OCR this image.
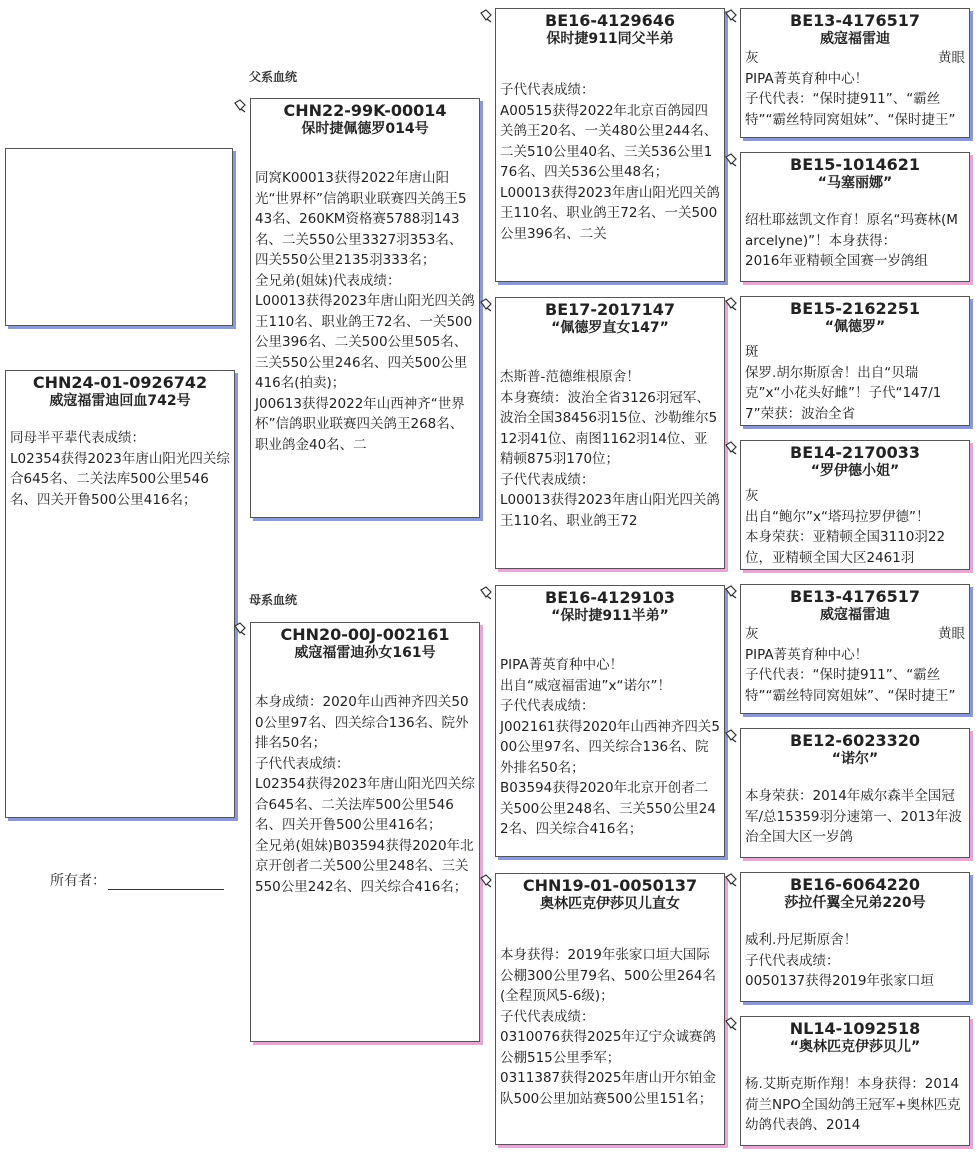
父系血统
母系血统
CHN24-01-0926742
威寇福雷迪回血742号
同母半平辈代表成绩：
L02354获得2023年唐山阳光四关综合645名、二关法库500公里546名、四关开鲁500公里416名；
CHN22-99K-00014
保时捷佩德罗014号
同窝K00013获得2022年唐山阳光“世界杯”信鸽职业联赛四关鸽王543名、260KM资格赛5788羽143名、二关550公里3327羽353名、四关550公里2135羽333名；
全兄弟(姐妹)代表成绩：
L00013获得2023年唐山阳光四关鸽王110名、职业鸽王72名、一关500公里396名、二关500公里505名、三关550公里246名、四关500公里416名(拍卖)；
J00613获得2022年山西神齐“世界杯”信鸽职业联赛四关鸽王268名、职业鸽金40名、二
CHN20-00J-002161
威寇福雷迪孙女161号
本身成绩：2020年山西神齐四关500公里97名、四关综合136名、院外排名50名；
子代代表成绩：
L02354获得2023年唐山阳光四关综合645名、二关法库500公里546名、四关开鲁500公里416名；
全兄弟(姐妹)B03594获得2020年北京开创者二关500公里248名、三关550公里242名、四关综合416名；
BE16-4129646
保时捷911同父半弟
子代代表成绩：
A00515获得2022年北京百鸽园四关鸽王20名、一关480公里244名、二关510公里40名、三关536公里176名、四关536公里48名；
L00013获得2023年唐山阳光四关鸽王110名、职业鸽王72名、一关500公里396名、二关
BE17-2017147
“佩德罗直女147”
杰斯普-范德维根原舍！
本身赛绩：波治全省3126羽冠军、波治全国38456羽15位、沙勒维尔512羽41位、南图1162羽14位、亚精顿875羽170位；
子代代表成绩：
L00013获得2023年唐山阳光四关鸽王110名、职业鸽王72
BE16-4129103
“保时捷911半弟”
PIPA菁英育种中心！
出自“威寇福雷迪”x“诺尔”！
子代代表成绩：
J002161获得2020年山西神齐四关500公里97名、四关综合136名、院外排名50名；
B03594获得2020年北京开创者二关500公里248名、三关550公里242名、四关综合416名；
CHN19-01-0050137
奥林匹克伊莎贝儿直女
本身获得：2019年张家口垣大国际公棚300公里79名、500公里264名(全程顶风5-6级)；
子代代表成绩：
0310076获得2025年辽宁众诚赛鸽公棚515公里季军；
0311387获得2025年唐山开尔铂金队500公里加站赛500公里151名；
BE13-4176517
威寇福雷迪
灰	黄眼
PIPA菁英育种中心！
子代代表：“保时捷911”、“霸丝特”“霸丝特同窝姐妹”、“保时捷王”
BE15-1014621
“马塞丽娜”
绍杜耶兹凯文作育！原名“玛赛林(Marcelyne)”！本身获得：
2016年亚精顿全国赛一岁鸽组
BE15-2162251
“佩德罗”
斑
保罗.胡尔斯原舍！出自“贝瑞克”x“小花头好雌”！子代“147/17”荣获：波治全省
BE14-2170033
“罗伊德小姐”
灰
出自“鲍尔”x“塔玛拉罗伊德”！
本身荣获：亚精顿全国3110羽22位，亚精顿全国大区2461羽
BE13-4176517
威寇福雷迪
灰	黄眼
PIPA菁英育种中心！
子代代表：“保时捷911”、“霸丝特”“霸丝特同窝姐妹”、“保时捷王”
BE12-6023320
“诺尔”
本身荣获：2014年威尔森半全国冠军/总15359羽分速第一、2013年波治全国大区一岁鸽
BE16-6064220
莎拉仟翼全兄弟220号
威利.丹尼斯原舍！
子代代表成绩：
0050137获得2019年张家口垣
NL14-1092518
“奥林匹克伊莎贝儿”
杨.艾斯克斯作翔！本身获得：2014荷兰NPO全国幼鸽王冠军+奥林匹克幼鸽代表鸽、2014
所有者：
